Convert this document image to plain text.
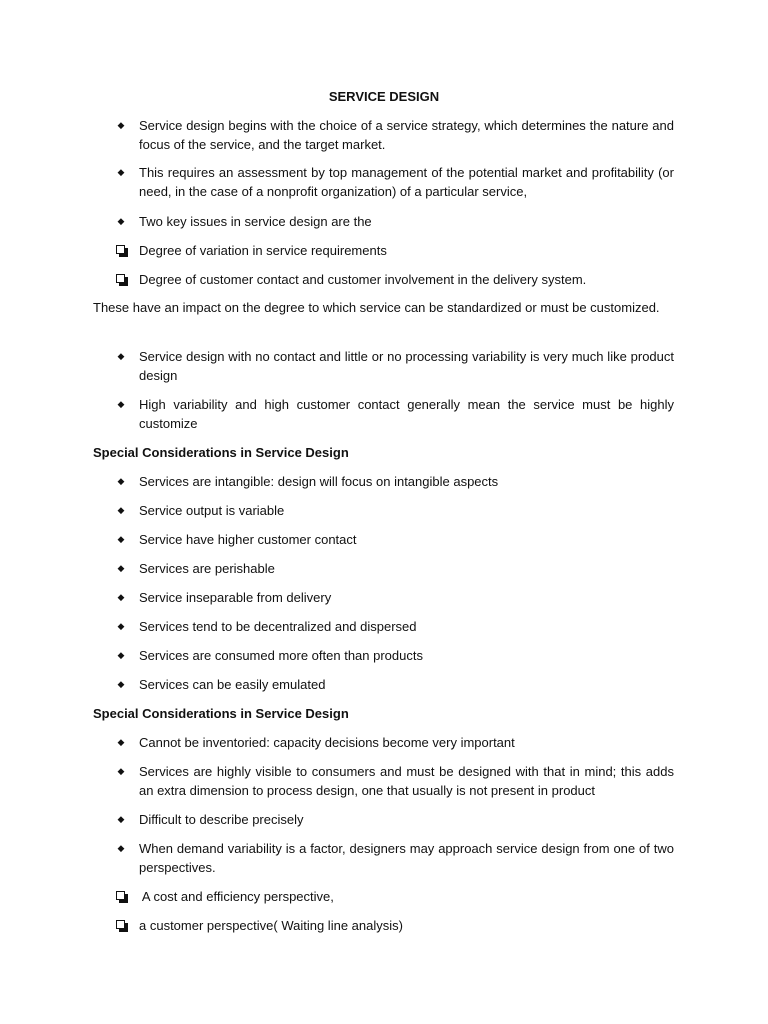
SERVICE DESIGN
◆ Service design begins with the choice of a service strategy, which determines the nature and focus of the service, and the target market.
◆ This requires an assessment by top management of the potential market and profitability (or need, in the case of a nonprofit organization) of a particular service,
◆ Two key issues in service design are the
Degree of variation in service requirements
Degree of customer contact and customer involvement in the delivery system.
These have an impact on the degree to which service can be standardized or must be customized.
◆ Service design with no contact and little or no processing variability is very much like product design
◆ High variability and high customer contact generally mean the service must be highly customize
Special Considerations in Service Design
◆ Services are intangible: design will focus on intangible aspects
◆ Service output is variable
◆ Service have higher customer contact
◆ Services are perishable
◆ Service inseparable from delivery
◆ Services tend to be decentralized and dispersed
◆ Services are consumed more often than products
◆ Services can be easily emulated
Special Considerations in Service Design
◆ Cannot be inventoried: capacity decisions become very important
◆ Services are highly visible to consumers and must be designed with that in mind; this adds an extra dimension to process design, one that usually is not present in product
◆ Difficult to describe precisely
◆ When demand variability is a factor, designers may approach service design from one of two perspectives.
A cost and efficiency perspective,
a customer perspective( Waiting line analysis)
